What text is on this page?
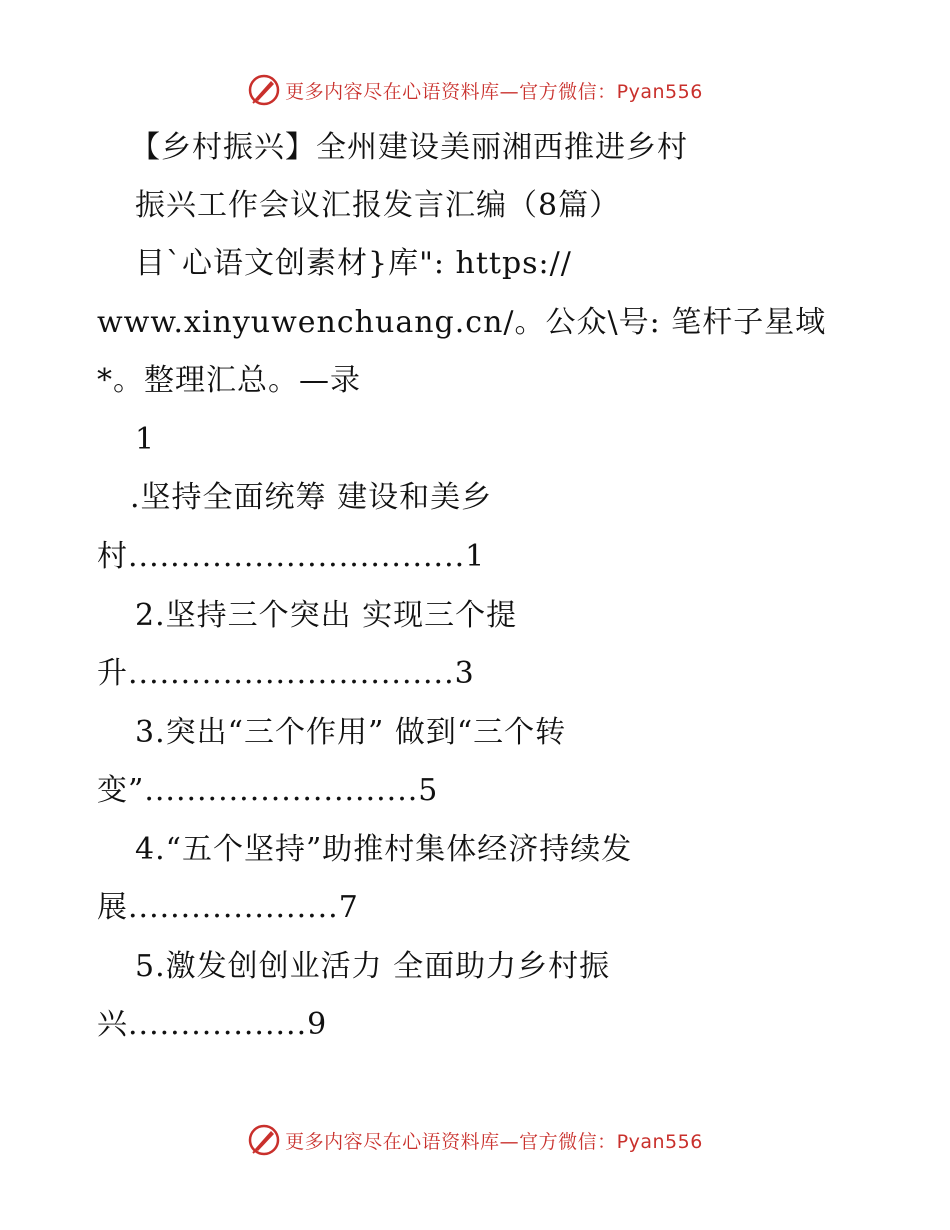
更多内容尽在心语资料库—官方微信：Pyan556
【乡村振兴】全州建设美丽湘西推进乡村
振兴工作会议汇报发言汇编（8篇）
目`心语文创素材}库": https://
www.xinyuwenchuang.cn/。公众\号: 笔杆子星域
*。整理汇总。—录
1
.坚持全面统筹 建设和美乡
村................................1
2.坚持三个突出 实现三个提
升...............................3
3.突出“三个作用” 做到“三个转
变”..........................5
4.“五个坚持”助推村集体经济持续发
展....................7
5.激发创创业活力 全面助力乡村振
兴.................9
更多内容尽在心语资料库—官方微信：Pyan556
